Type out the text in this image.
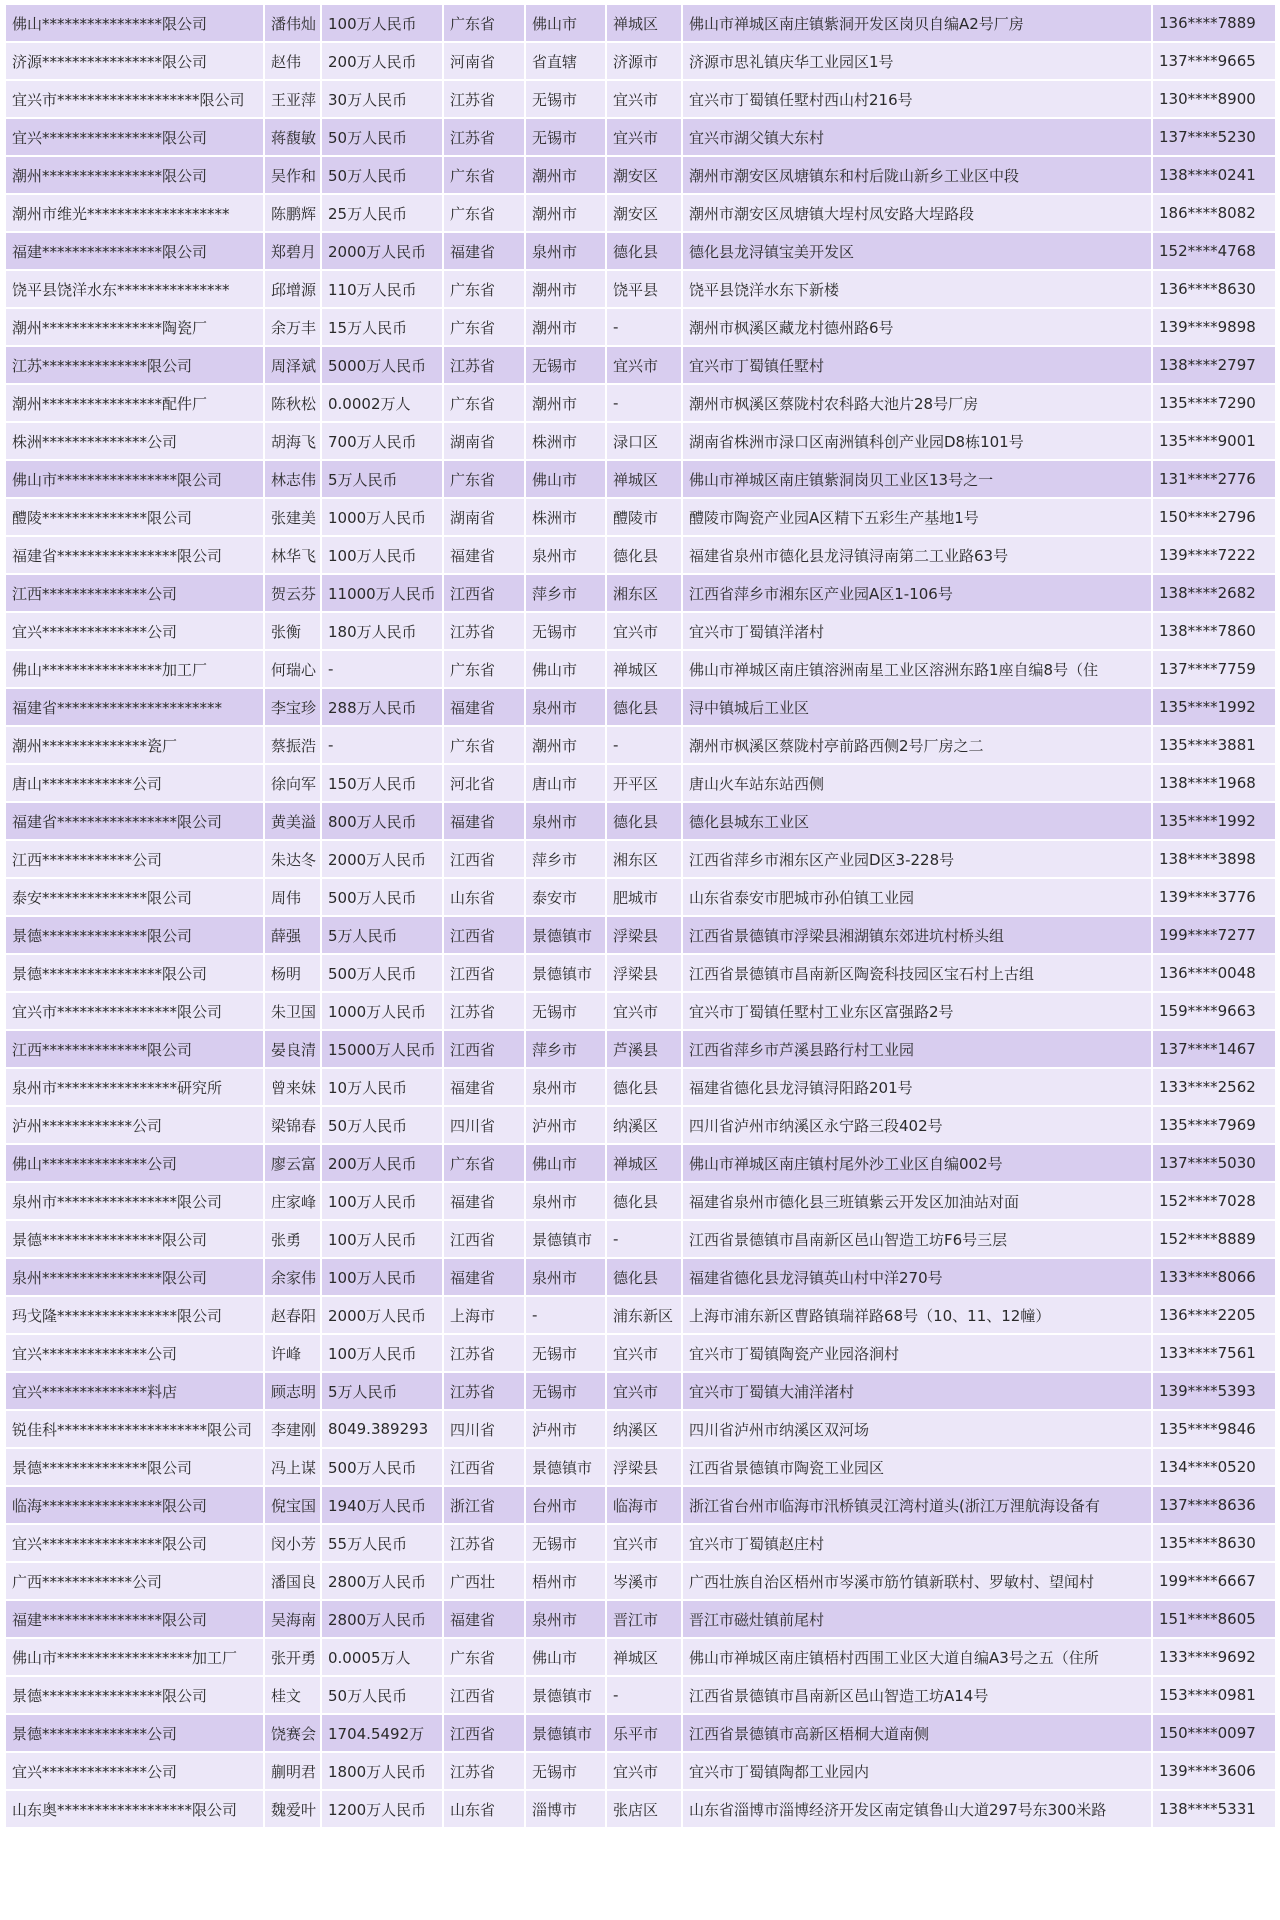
佛山****************限公司	潘伟灿	100万人民币	广东省	佛山市	禅城区	佛山市禅城区南庄镇紫洞开发区岗贝自编A2号厂房	136****7889
济源****************限公司	赵伟	200万人民币	河南省	省直辖	济源市	济源市思礼镇庆华工业园区1号	137****9665
宜兴市*******************限公司	王亚萍	30万人民币	江苏省	无锡市	宜兴市	宜兴市丁蜀镇任墅村西山村216号	130****8900
宜兴****************限公司	蒋馥敏	50万人民币	江苏省	无锡市	宜兴市	宜兴市湖父镇大东村	137****5230
潮州****************限公司	吴作和	50万人民币	广东省	潮州市	潮安区	潮州市潮安区凤塘镇东和村后陇山新乡工业区中段	138****0241
潮州市维光*******************	陈鹏辉	25万人民币	广东省	潮州市	潮安区	潮州市潮安区凤塘镇大埕村凤安路大埕路段	186****8082
福建****************限公司	郑碧月	2000万人民币	福建省	泉州市	德化县	德化县龙浔镇宝美开发区	152****4768
饶平县饶洋水东***************	邱增源	110万人民币	广东省	潮州市	饶平县	饶平县饶洋水东下新楼	136****8630
潮州****************陶瓷厂	余万丰	15万人民币	广东省	潮州市	-	潮州市枫溪区藏龙村德州路6号	139****9898
江苏**************限公司	周泽斌	5000万人民币	江苏省	无锡市	宜兴市	宜兴市丁蜀镇任墅村	138****2797
潮州****************配件厂	陈秋松	0.0002万人	广东省	潮州市	-	潮州市枫溪区蔡陇村农科路大池片28号厂房	135****7290
株洲**************公司	胡海飞	700万人民币	湖南省	株洲市	渌口区	湖南省株洲市渌口区南洲镇科创产业园D8栋101号	135****9001
佛山市****************限公司	林志伟	5万人民币	广东省	佛山市	禅城区	佛山市禅城区南庄镇紫洞岗贝工业区13号之一	131****2776
醴陵**************限公司	张建美	1000万人民币	湖南省	株洲市	醴陵市	醴陵市陶瓷产业园A区精下五彩生产基地1号	150****2796
福建省****************限公司	林华飞	100万人民币	福建省	泉州市	德化县	福建省泉州市德化县龙浔镇浔南第二工业路63号	139****7222
江西**************公司	贺云芬	11000万人民币	江西省	萍乡市	湘东区	江西省萍乡市湘东区产业园A区1-106号	138****2682
宜兴**************公司	张衡	180万人民币	江苏省	无锡市	宜兴市	宜兴市丁蜀镇洋渚村	138****7860
佛山****************加工厂	何瑞心	-	广东省	佛山市	禅城区	佛山市禅城区南庄镇溶洲南星工业区溶洲东路1座自编8号（住	137****7759
福建省**********************	李宝珍	288万人民币	福建省	泉州市	德化县	浔中镇城后工业区	135****1992
潮州**************瓷厂	蔡振浩	-	广东省	潮州市	-	潮州市枫溪区蔡陇村亭前路西侧2号厂房之二	135****3881
唐山************公司	徐向军	150万人民币	河北省	唐山市	开平区	唐山火车站东站西侧	138****1968
福建省****************限公司	黄美溢	800万人民币	福建省	泉州市	德化县	德化县城东工业区	135****1992
江西************公司	朱达冬	2000万人民币	江西省	萍乡市	湘东区	江西省萍乡市湘东区产业园D区3-228号	138****3898
泰安**************限公司	周伟	500万人民币	山东省	泰安市	肥城市	山东省泰安市肥城市孙伯镇工业园	139****3776
景德**************限公司	薛强	5万人民币	江西省	景德镇市	浮梁县	江西省景德镇市浮梁县湘湖镇东郊进坑村桥头组	199****7277
景德****************限公司	杨明	500万人民币	江西省	景德镇市	浮梁县	江西省景德镇市昌南新区陶瓷科技园区宝石村上古组	136****0048
宜兴市****************限公司	朱卫国	1000万人民币	江苏省	无锡市	宜兴市	宜兴市丁蜀镇任墅村工业东区富强路2号	159****9663
江西**************限公司	晏良清	15000万人民币	江西省	萍乡市	芦溪县	江西省萍乡市芦溪县路行村工业园	137****1467
泉州市****************研究所	曾来妹	10万人民币	福建省	泉州市	德化县	福建省德化县龙浔镇浔阳路201号	133****2562
泸州************公司	梁锦春	50万人民币	四川省	泸州市	纳溪区	四川省泸州市纳溪区永宁路三段402号	135****7969
佛山**************公司	廖云富	200万人民币	广东省	佛山市	禅城区	佛山市禅城区南庄镇村尾外沙工业区自编002号	137****5030
泉州市****************限公司	庄家峰	100万人民币	福建省	泉州市	德化县	福建省泉州市德化县三班镇紫云开发区加油站对面	152****7028
景德****************限公司	张勇	100万人民币	江西省	景德镇市	-	江西省景德镇市昌南新区邑山智造工坊F6号三层	152****8889
泉州****************限公司	余家伟	100万人民币	福建省	泉州市	德化县	福建省德化县龙浔镇英山村中洋270号	133****8066
玛戈隆****************限公司	赵春阳	2000万人民币	上海市	-	浦东新区	上海市浦东新区曹路镇瑞祥路68号（10、11、12幢）	136****2205
宜兴**************公司	许峰	100万人民币	江苏省	无锡市	宜兴市	宜兴市丁蜀镇陶瓷产业园洛涧村	133****7561
宜兴**************料店	顾志明	5万人民币	江苏省	无锡市	宜兴市	宜兴市丁蜀镇大浦洋渚村	139****5393
锐佳科********************限公司	李建刚	8049.389293	四川省	泸州市	纳溪区	四川省泸州市纳溪区双河场	135****9846
景德**************限公司	冯上谋	500万人民币	江西省	景德镇市	浮梁县	江西省景德镇市陶瓷工业园区	134****0520
临海****************限公司	倪宝国	1940万人民币	浙江省	台州市	临海市	浙江省台州市临海市汛桥镇灵江湾村道头(浙江万浬航海设备有	137****8636
宜兴****************限公司	闵小芳	55万人民币	江苏省	无锡市	宜兴市	宜兴市丁蜀镇赵庄村	135****8630
广西************公司	潘国良	2800万人民币	广西壮	梧州市	岑溪市	广西壮族自治区梧州市岑溪市筋竹镇新联村、罗敏村、望闻村	199****6667
福建****************限公司	吴海南	2800万人民币	福建省	泉州市	晋江市	晋江市磁灶镇前尾村	151****8605
佛山市******************加工厂	张开勇	0.0005万人	广东省	佛山市	禅城区	佛山市禅城区南庄镇梧村西围工业区大道自编A3号之五（住所	133****9692
景德****************限公司	桂文	50万人民币	江西省	景德镇市	-	江西省景德镇市昌南新区邑山智造工坊A14号	153****0981
景德**************公司	饶赛会	1704.5492万	江西省	景德镇市	乐平市	江西省景德镇市高新区梧桐大道南侧	150****0097
宜兴**************公司	蒯明君	1800万人民币	江苏省	无锡市	宜兴市	宜兴市丁蜀镇陶都工业园内	139****3606
山东奥******************限公司	魏爱叶	1200万人民币	山东省	淄博市	张店区	山东省淄博市淄博经济开发区南定镇鲁山大道297号东300米路	138****5331
